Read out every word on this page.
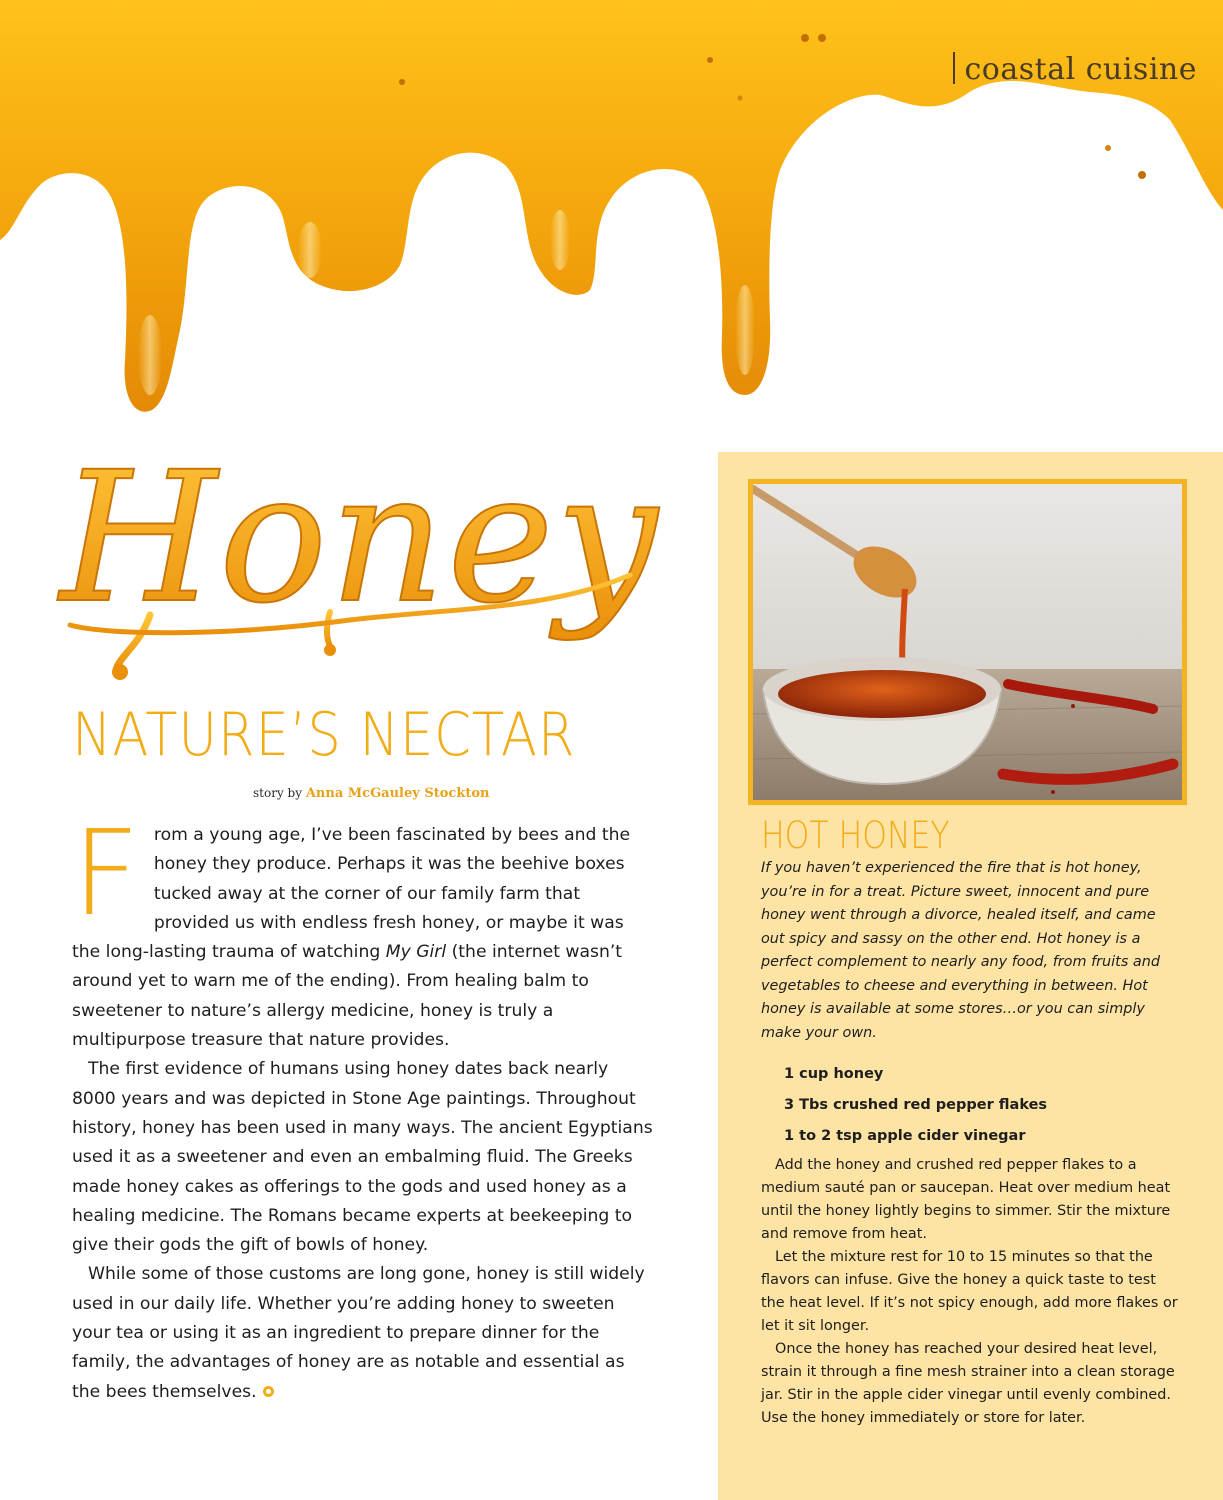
coastal cuisine
Honey
NATURE’S NECTAR
story by Anna McGauley Stockton

From a young age, I’ve been fascinated by bees and the honey they produce. Perhaps it was the beehive boxes tucked away at the corner of our family farm that provided us with endless fresh honey, or maybe it was the long-lasting trauma of watching My Girl (the internet wasn’t around yet to warn me of the ending). From healing balm to sweetener to nature’s allergy medicine, honey is truly a multipurpose treasure that nature provides.

The first evidence of humans using honey dates back nearly 8000 years and was depicted in Stone Age paintings. Throughout history, honey has been used in many ways. The ancient Egyptians used it as a sweetener and even an embalming fluid. The Greeks made honey cakes as offerings to the gods and used honey as a healing medicine. The Romans became experts at beekeeping to give their gods the gift of bowls of honey.

While some of those customs are long gone, honey is still widely used in our daily life. Whether you’re adding honey to sweeten your tea or using it as an ingredient to prepare dinner for the family, the advantages of honey are as notable and essential as the bees themselves.

HOT HONEY
If you haven’t experienced the fire that is hot honey, you’re in for a treat. Picture sweet, innocent and pure honey went through a divorce, healed itself, and came out spicy and sassy on the other end. Hot honey is a perfect complement to nearly any food, from fruits and vegetables to cheese and everything in between. Hot honey is available at some stores…or you can simply make your own.
1 cup honey
3 Tbs crushed red pepper flakes
1 to 2 tsp apple cider vinegar

Add the honey and crushed red pepper flakes to a medium sauté pan or saucepan. Heat over medium heat until the honey lightly begins to simmer. Stir the mixture and remove from heat.

Let the mixture rest for 10 to 15 minutes so that the flavors can infuse. Give the honey a quick taste to test the heat level. If it’s not spicy enough, add more flakes or let it sit longer.

Once the honey has reached your desired heat level, strain it through a fine mesh strainer into a clean storage jar. Stir in the apple cider vinegar until evenly combined. Use the honey immediately or store for later.
